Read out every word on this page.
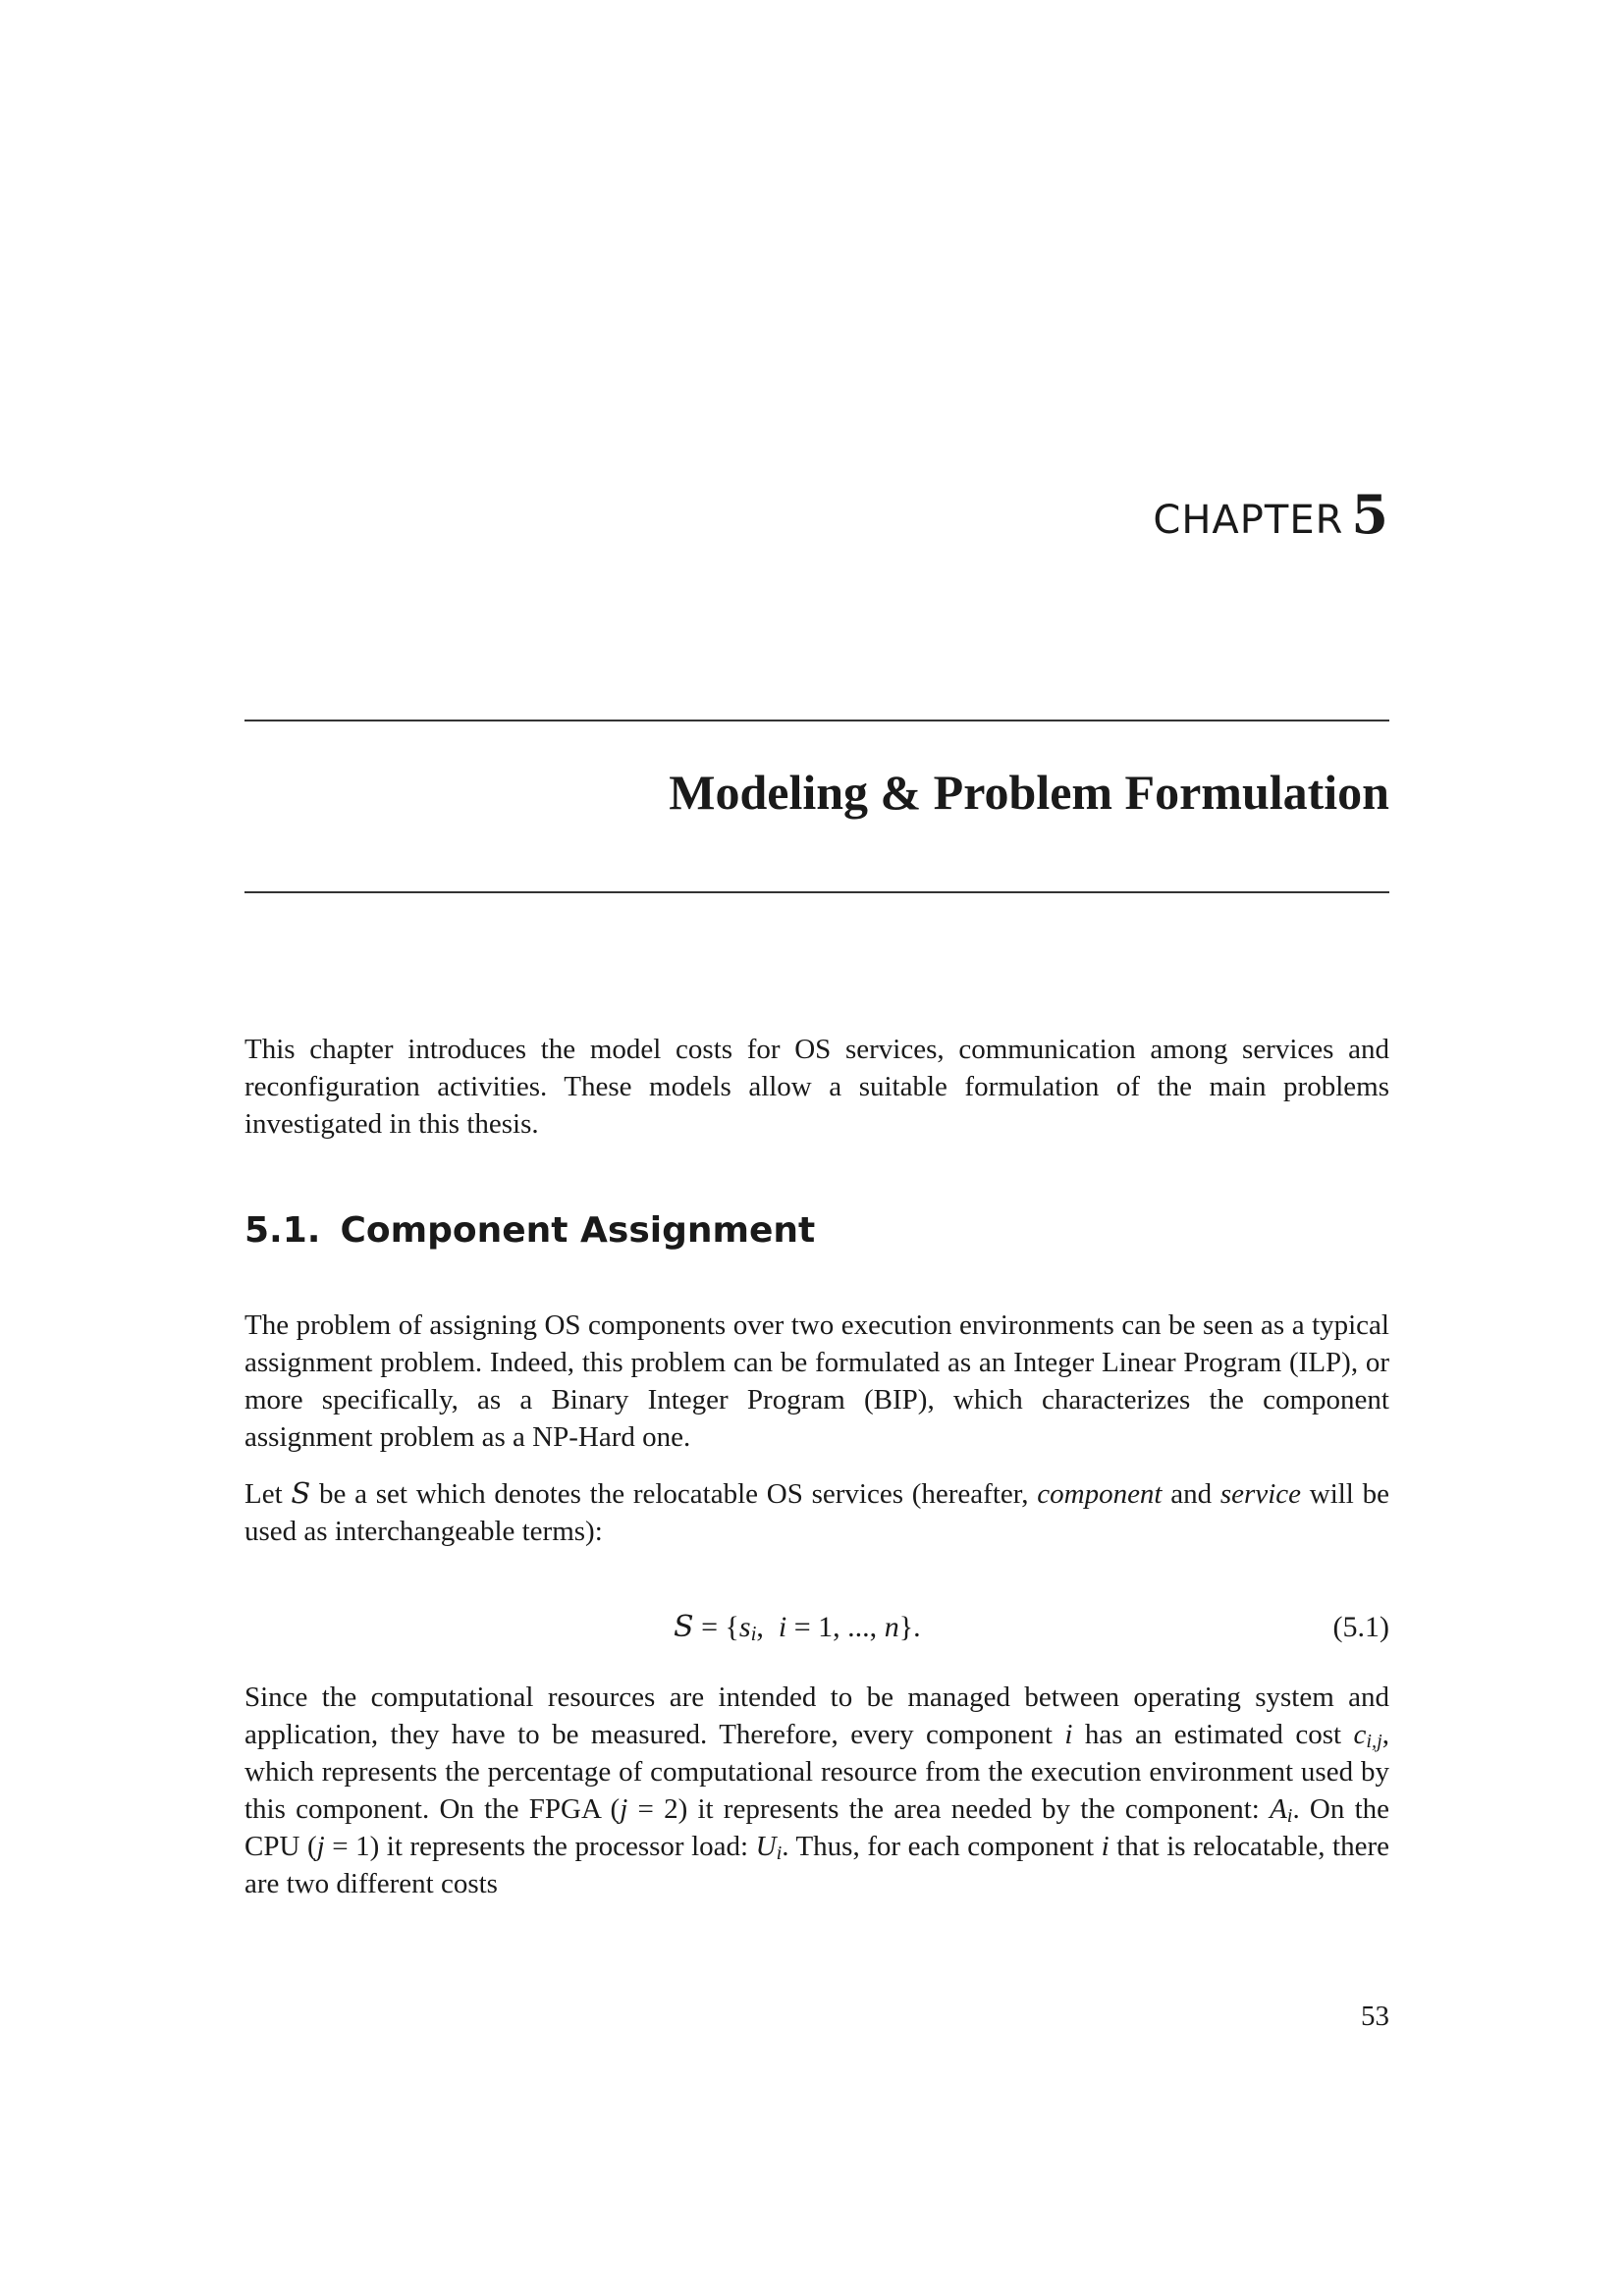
CHAPTER 5
Modeling & Problem Formulation

This chapter introduces the model costs for OS services, communication among services and reconfiguration activities. These models allow a suitable formulation of the main problems investigated in this thesis.

5.1. Component Assignment

The problem of assigning OS components over two execution environments can be seen as a typical assignment problem. Indeed, this problem can be formulated as an Integer Linear Program (ILP), or more specifically, as a Binary Integer Program (BIP), which characterizes the component assignment problem as a NP-Hard one.

Let S be a set which denotes the relocatable OS services (hereafter, component and service will be used as interchangeable terms):

$S = \{s_i$,  i = 1, ..., n}.	(5.1)

Since the computational resources are intended to be managed between operating system and application, they have to be measured. Therefore, every component i has an estimated cost $c_{i,j}$, which represents the percentage of computational resource from the execution environment used by this component. On the FPGA (j = 2) it represents the area needed by the component: $A_i$. On the CPU (j = 1) it represents the processor load: $U_i$. Thus, for each component i that is relocatable, there are two different costs

53
